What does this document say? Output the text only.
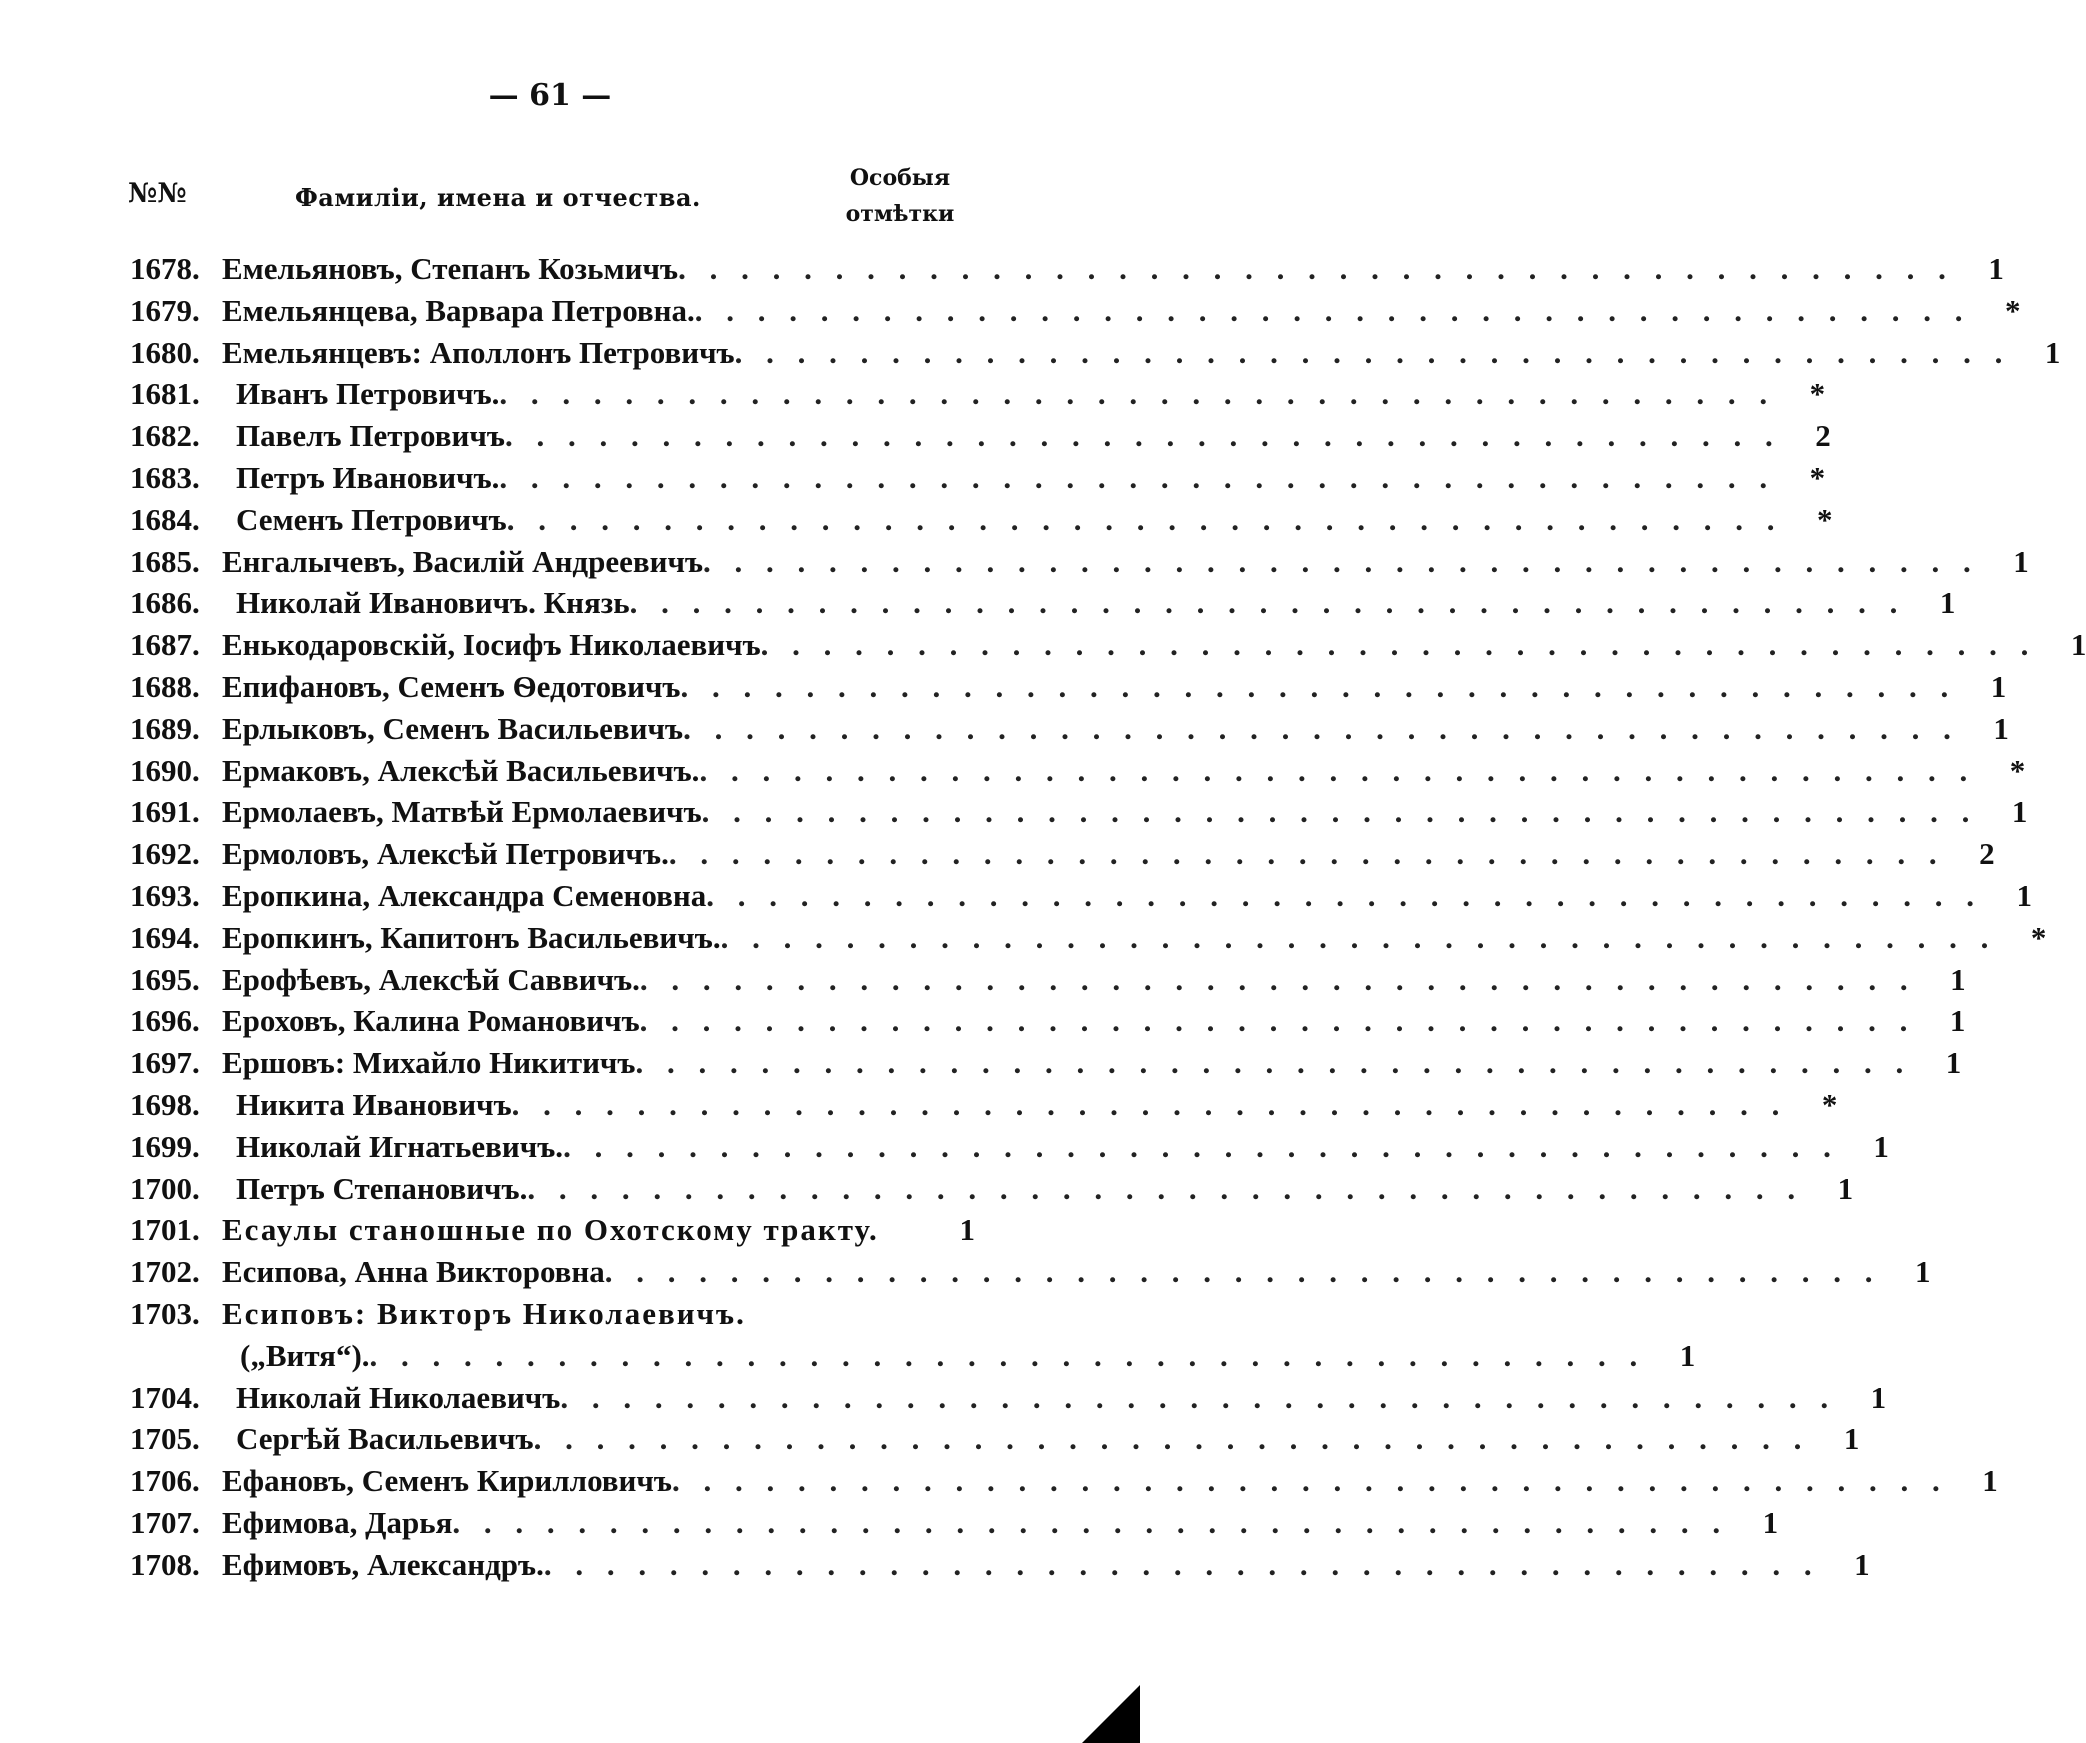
— 61 —
№№	Фамиліи, имена и отчества.
Особыя
отмѣтки
1678. Емельяновъ, Степанъ Козьмичъ . . .	1
1679. Емельянцева, Варвара Петровна. . . .	*
1680. Емельянцевъ: Аполлонъ Петровичъ . . .	1
1681.	Иванъ Петровичъ. . . .	*
1682.	Павелъ Петровичъ . . .	2
1683.	Петръ Ивановичъ. . . .	*
1684.	Семенъ Петровичъ . . .	*
1685. Енгалычевъ, Василій Андреевичъ . . .	1
1686.	Николай Ивановичъ. Князь . . .	1
1687. Енькодаровскій, Іосифъ Николаевичъ . . .	1
1688. Епифановъ, Семенъ Ѳедотовичъ . . .	1
1689. Ерлыковъ, Семенъ Васильевичъ . . .	1
1690. Ермаковъ, Алексѣй Васильевичъ. . . .	*
1691. Ермолаевъ, Матвѣй Ермолаевичъ . . .	1
1692. Ермоловъ, Алексѣй Петровичъ. . . .	2
1693. Еропкина, Александра Семеновна . . .	1
1694. Еропкинъ, Капитонъ Васильевичъ. . . .	*
1695. Ерофѣевъ, Алексѣй Саввичъ. . . .	1
1696. Ероховъ, Калина Романовичъ . . .	1
1697. Ершовъ: Михайло Никитичъ . . .	1
1698.	Никита Ивановичъ . . .	*
1699.	Николай Игнатьевичъ. . . .	1
1700.	Петръ Степановичъ. . . .	1
1701. Есаулы станошные по Охотскому тракту.	1
1702. Есипова, Анна Викторовна . . .	1
1703. Есиповъ: Викторъ Николаевичъ.
(„Витя“). . . .	1
1704.	Николай Николаевичъ . . .	1
1705.	Сергѣй Васильевичъ . . .	1
1706. Ефановъ, Семенъ Кирилловичъ . . .	1
1707. Ефимова, Дарья . . .	1
1708. Ефимовъ, Александръ. . . .	1
